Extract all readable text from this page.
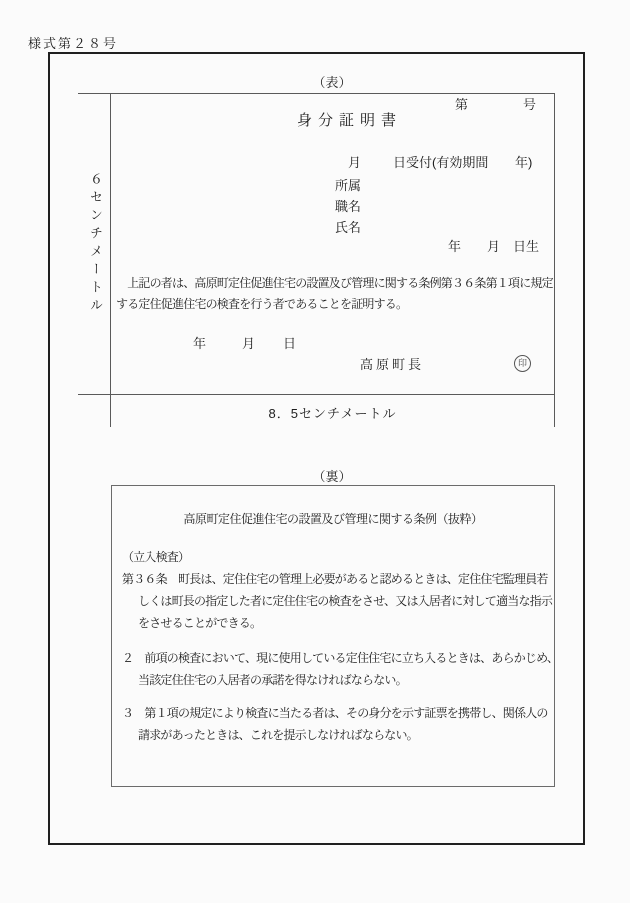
様式第２８号
（表）
６センチメートル
第	号
身分証明書
月 日受付(有効期間 年)
所属
職名
氏名
年 月 日生
　上記の者は、高原町定住促進住宅の設置及び管理に関する条例第３６条第１項に規定
する定住促進住宅の検査を行う者であることを証明する。
年	月 日
高原町長	印
8．5センチメートル
（裏）
高原町定住促進住宅の設置及び管理に関する条例（抜粋）
（立入検査）
第３６条　町長は、定住住宅の管理上必要があると認めるときは、定住住宅監理員若
しくは町長の指定した者に定住住宅の検査をさせ、又は入居者に対して適当な指示
をさせることができる。
２　前項の検査において、現に使用している定住住宅に立ち入るときは、あらかじめ、
当該定住住宅の入居者の承諾を得なければならない。
３　第１項の規定により検査に当たる者は、その身分を示す証票を携帯し、関係人の
請求があったときは、これを提示しなければならない。
